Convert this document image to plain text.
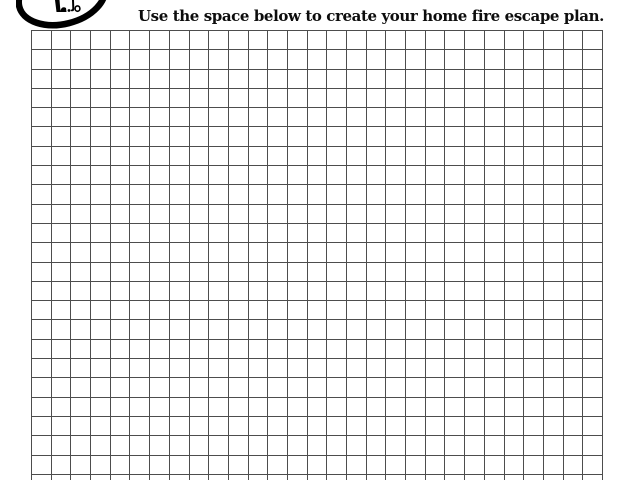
Use the space below to create your home fire escape plan.
